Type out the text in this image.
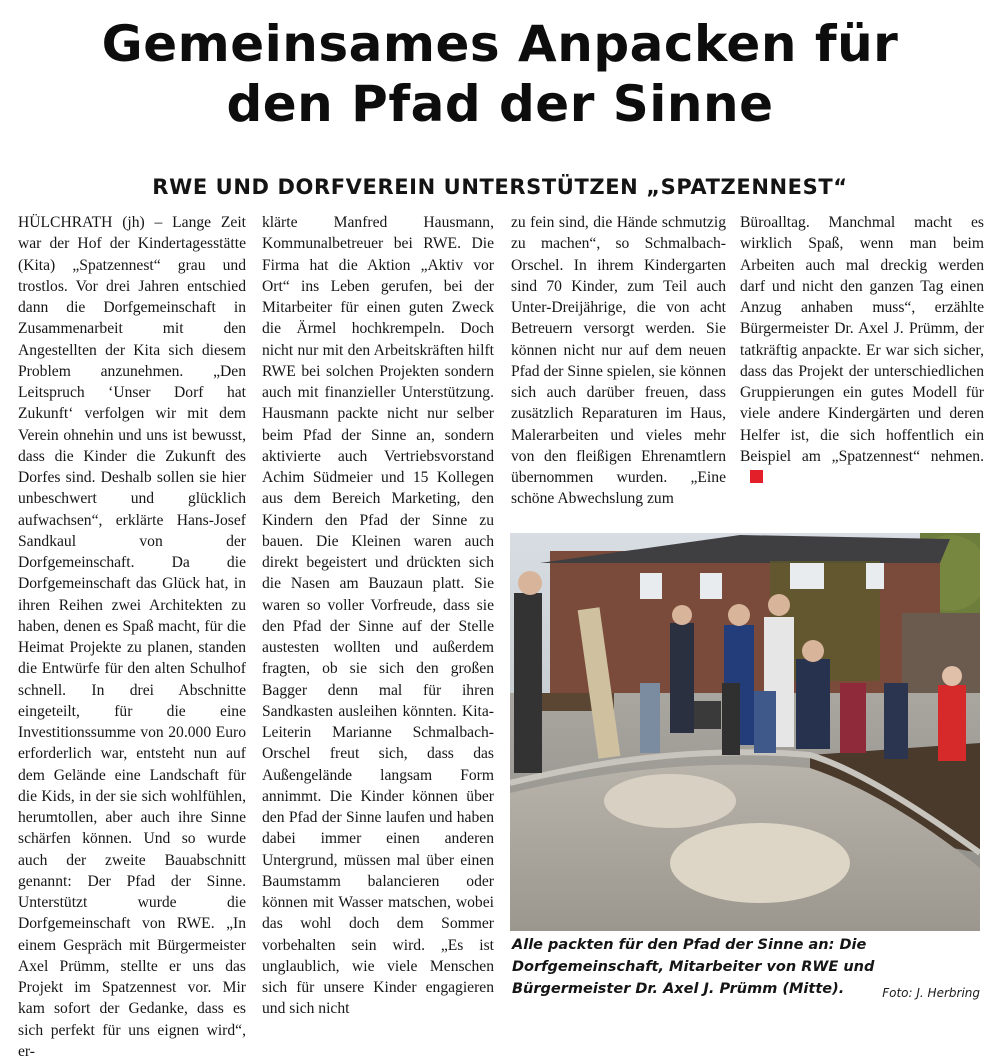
Gemeinsames Anpacken für
den Pfad der Sinne
RWE UND DORFVEREIN UNTERSTÜTZEN „SPATZENNEST“
HÜLCHRATH (jh) – Lange Zeit war der Hof der Kindertagesstätte (Kita) „Spatzennest“ grau und trostlos. Vor drei Jahren entschied dann die Dorfgemeinschaft in Zusammenarbeit mit den Angestellten der Kita sich diesem Problem anzunehmen. „Den Leitspruch ‘Unser Dorf hat Zukunft‘ verfolgen wir mit dem Verein ohnehin und uns ist bewusst, dass die Kinder die Zukunft des Dorfes sind. Deshalb sollen sie hier unbeschwert und glücklich aufwachsen“, erklärte Hans-Josef Sandkaul von der Dorfgemeinschaft. Da die Dorfgemeinschaft das Glück hat, in ihren Reihen zwei Architekten zu haben, denen es Spaß macht, für die Heimat Projekte zu planen, standen die Entwürfe für den alten Schulhof schnell. In drei Abschnitte eingeteilt, für die eine Investitionssumme von 20.000 Euro erforderlich war, entsteht nun auf dem Gelände eine Landschaft für die Kids, in der sie sich wohlfühlen, herumtollen, aber auch ihre Sinne schärfen können. Und so wurde auch der zweite Bauabschnitt genannt: Der Pfad der Sinne. Unterstützt wurde die Dorfgemeinschaft von RWE. „In einem Gespräch mit Bürgermeister Axel Prümm, stellte er uns das Projekt im Spatzennest vor. Mir kam sofort der Gedanke, dass es sich perfekt für uns eignen wird“, er-
klärte Manfred Hausmann, Kommunalbetreuer bei RWE. Die Firma hat die Aktion „Aktiv vor Ort“ ins Leben gerufen, bei der Mitarbeiter für einen guten Zweck die Ärmel hochkrempeln. Doch nicht nur mit den Arbeitskräften hilft RWE bei solchen Projekten sondern auch mit finanzieller Unterstützung. Hausmann packte nicht nur selber beim Pfad der Sinne an, sondern aktivierte auch Vertriebsvorstand Achim Südmeier und 15 Kollegen aus dem Bereich Marketing, den Kindern den Pfad der Sinne zu bauen. Die Kleinen waren auch direkt begeistert und drückten sich die Nasen am Bauzaun platt. Sie waren so voller Vorfreude, dass sie den Pfad der Sinne auf der Stelle austesten wollten und außerdem fragten, ob sie sich den großen Bagger denn mal für ihren Sandkasten ausleihen könnten. Kita-Leiterin Marianne Schmalbach-Orschel freut sich, dass das Außengelände langsam Form annimmt. Die Kinder können über den Pfad der Sinne laufen und haben dabei immer einen anderen Untergrund, müssen mal über einen Baumstamm balancieren oder können mit Wasser matschen, wobei das wohl doch dem Sommer vorbehalten sein wird. „Es ist unglaublich, wie viele Menschen sich für unsere Kinder engagieren und sich nicht
zu fein sind, die Hände schmutzig zu machen“, so Schmalbach-Orschel. In ihrem Kindergarten sind 70 Kinder, zum Teil auch Unter-Dreijährige, die von acht Betreuern versorgt werden. Sie können nicht nur auf dem neuen Pfad der Sinne spielen, sie können sich auch darüber freuen, dass zusätzlich Reparaturen im Haus, Malerarbeiten und vieles mehr von den fleißigen Ehrenamtlern übernommen wurden. „Eine schöne Abwechslung zum
Büroalltag. Manchmal macht es wirklich Spaß, wenn man beim Arbeiten auch mal dreckig werden darf und nicht den ganzen Tag einen Anzug anhaben muss“, erzählte Bürgermeister Dr. Axel J. Prümm, der tatkräftig anpackte. Er war sich sicher, dass das Projekt der unterschiedlichen Gruppierungen ein gutes Modell für viele andere Kindergärten und deren Helfer ist, die sich hoffentlich ein Beispiel am „Spatzennest“ nehmen.
Alle packten für den Pfad der Sinne an: Die Dorfgemeinschaft, Mitarbeiter von RWE und Bürgermeister Dr. Axel J. Prümm (Mitte).	Foto: J. Herbring
